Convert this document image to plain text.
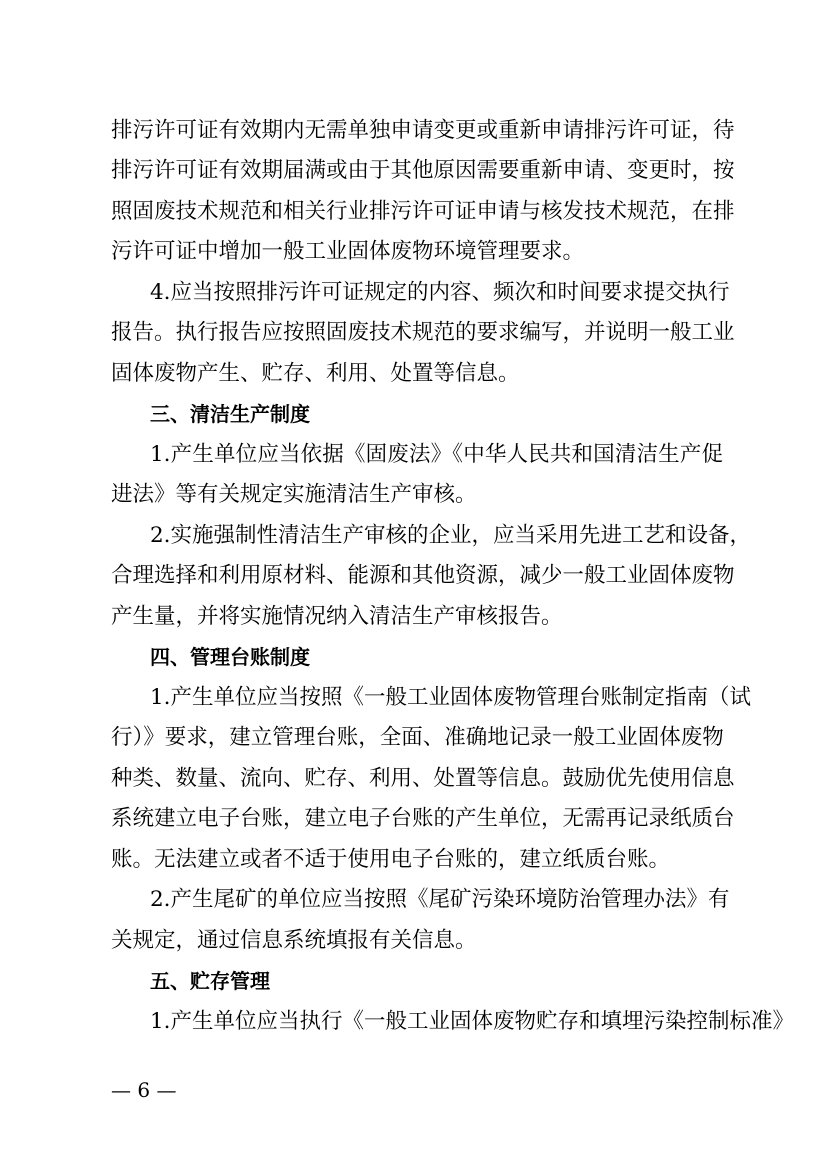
排污许可证有效期内无需单独申请变更或重新申请排污许可证，待
排污许可证有效期届满或由于其他原因需要重新申请、变更时，按
照固废技术规范和相关行业排污许可证申请与核发技术规范，在排
污许可证中增加一般工业固体废物环境管理要求。
4.应当按照排污许可证规定的内容、频次和时间要求提交执行
报告。执行报告应按照固废技术规范的要求编写，并说明一般工业
固体废物产生、贮存、利用、处置等信息。
三、清洁生产制度
1.产生单位应当依据《固废法》《中华人民共和国清洁生产促
进法》等有关规定实施清洁生产审核。
2.实施强制性清洁生产审核的企业，应当采用先进工艺和设备，
合理选择和利用原材料、能源和其他资源，减少一般工业固体废物
产生量，并将实施情况纳入清洁生产审核报告。
四、管理台账制度
1.产生单位应当按照《一般工业固体废物管理台账制定指南（试
行）》要求，建立管理台账，全面、准确地记录一般工业固体废物
种类、数量、流向、贮存、利用、处置等信息。鼓励优先使用信息
系统建立电子台账，建立电子台账的产生单位，无需再记录纸质台
账。无法建立或者不适于使用电子台账的，建立纸质台账。
2.产生尾矿的单位应当按照《尾矿污染环境防治管理办法》有
关规定，通过信息系统填报有关信息。
五、贮存管理
1.产生单位应当执行《一般工业固体废物贮存和填埋污染控制标准》
— 6 —
